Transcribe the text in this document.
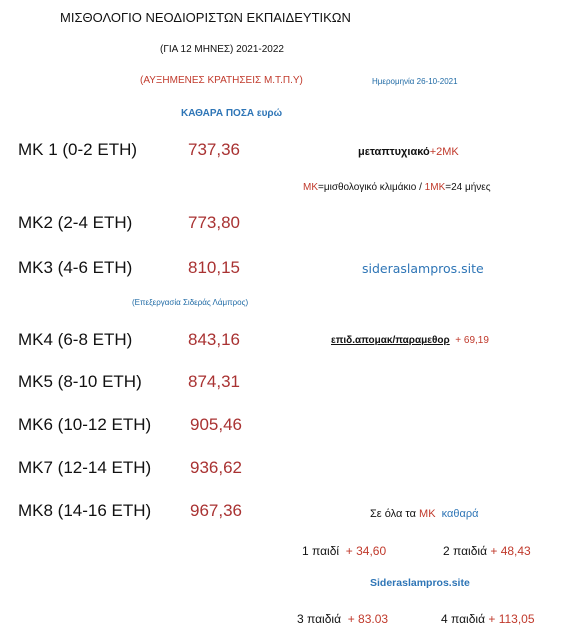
ΜΙΣΘΟΛΟΓΙΟ ΝΕΟΔΙΟΡΙΣΤΩΝ ΕΚΠΑΙΔΕΥΤΙΚΩΝ
(ΓΙΑ 12 ΜΗΝΕΣ) 2021-2022
(ΑΥΞΗΜΕΝΕΣ ΚΡΑΤΗΣΕΙΣ Μ.Τ.Π.Υ)	Ημερομηνία 26-10-2021
ΚΑΘΑΡΑ ΠΟΣΑ ευρώ
ΜΚ 1 (0-2 ΕΤΗ)	737,36
ΜΚ2 (2-4 ΕΤΗ)	773,80
ΜΚ3 (4-6 ΕΤΗ)	810,15
ΜΚ4 (6-8 ΕΤΗ)	843,16
ΜΚ5 (8-10 ΕΤΗ)	874,31
ΜΚ6 (10-12 ΕΤΗ) 905,46
ΜΚ7 (12-14 ΕΤΗ) 936,62
ΜΚ8 (14-16 ΕΤΗ) 967,36
μεταπτυχιακό+2ΜΚ
ΜΚ=μισθολογικό κλιμάκιο / 1ΜΚ=24 μήνες
sideraslampros.site
(Επεξεργασία Σιδεράς Λάμπρος)
επιδ.απομακ/παραμεθορ + 69,19
Σε όλα τα ΜΚ καθαρά
1 παιδί + 34,60	2 παιδιά + 48,43
Sideraslampros.site
3 παιδιά + 83.03	4 παιδιά + 113,05
